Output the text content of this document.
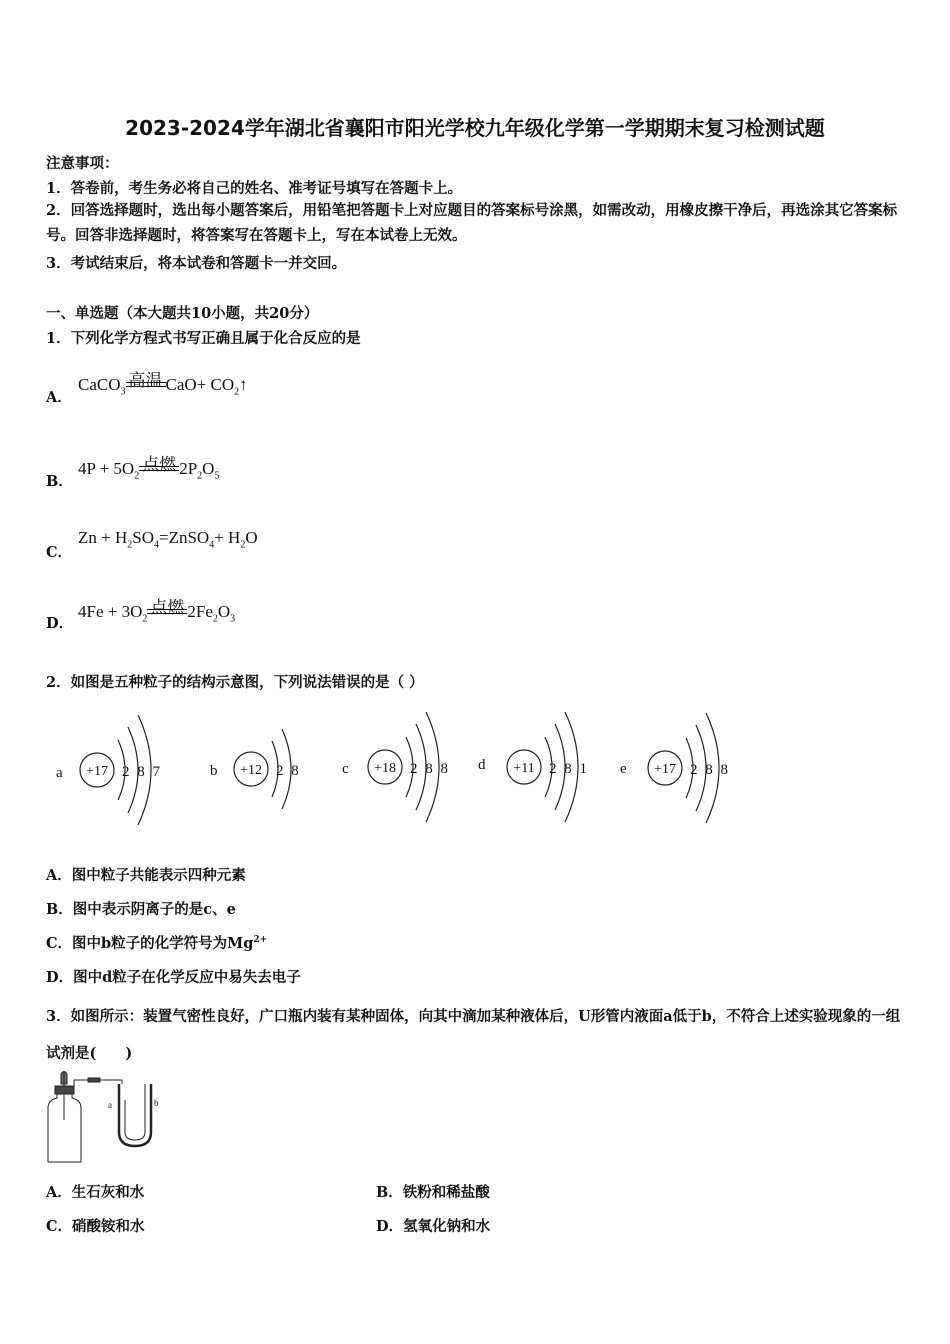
2023-2024学年湖北省襄阳市阳光学校九年级化学第一学期期末复习检测试题
注意事项：
1．答卷前，考生务必将自己的姓名、准考证号填写在答题卡上。
2．回答选择题时，选出每小题答案后，用铅笔把答题卡上对应题目的答案标号涂黑，如需改动，用橡皮擦干净后，再选涂其它答案标号。回答非选择题时，将答案写在答题卡上，写在本试卷上无效。
3．考试结束后，将本试卷和答题卡一并交回。
一、单选题（本大题共10小题，共20分）
1．下列化学方程式书写正确且属于化合反应的是
A．
CaCO$_3$
高温 $CaO+ CO_2↑$
B．
$4P + 5O_2$
点燃 $2P_2O_5$
C．
$Zn + H_2SO_4=ZnSO_4+ H_2O$
D．
$4Fe + 3O_2$
点燃 $2Fe_2O_3$
2．如图是五种粒子的结构示意图，下列说法错误的是（ ）
a +17 2 8 7	b +12 2 8	c +18 2 8 8 d +11 2 8 1 e +17 2 8 8
A．图中粒子共能表示四种元素
B．图中表示阴离子的是c、e
C．图中b粒子的化学符号为$Mg^{2+}$
D．图中d粒子在化学反应中易失去电子
3．如图所示：装置气密性良好，广口瓶内装有某种固体，向其中滴加某种液体后，U形管内液面a低于b，不符合上述实验现象的一组试剂是(　　)
a	b
A．生石灰和水	B．铁粉和稀盐酸
C．硝酸铵和水	D．氢氧化钠和水
